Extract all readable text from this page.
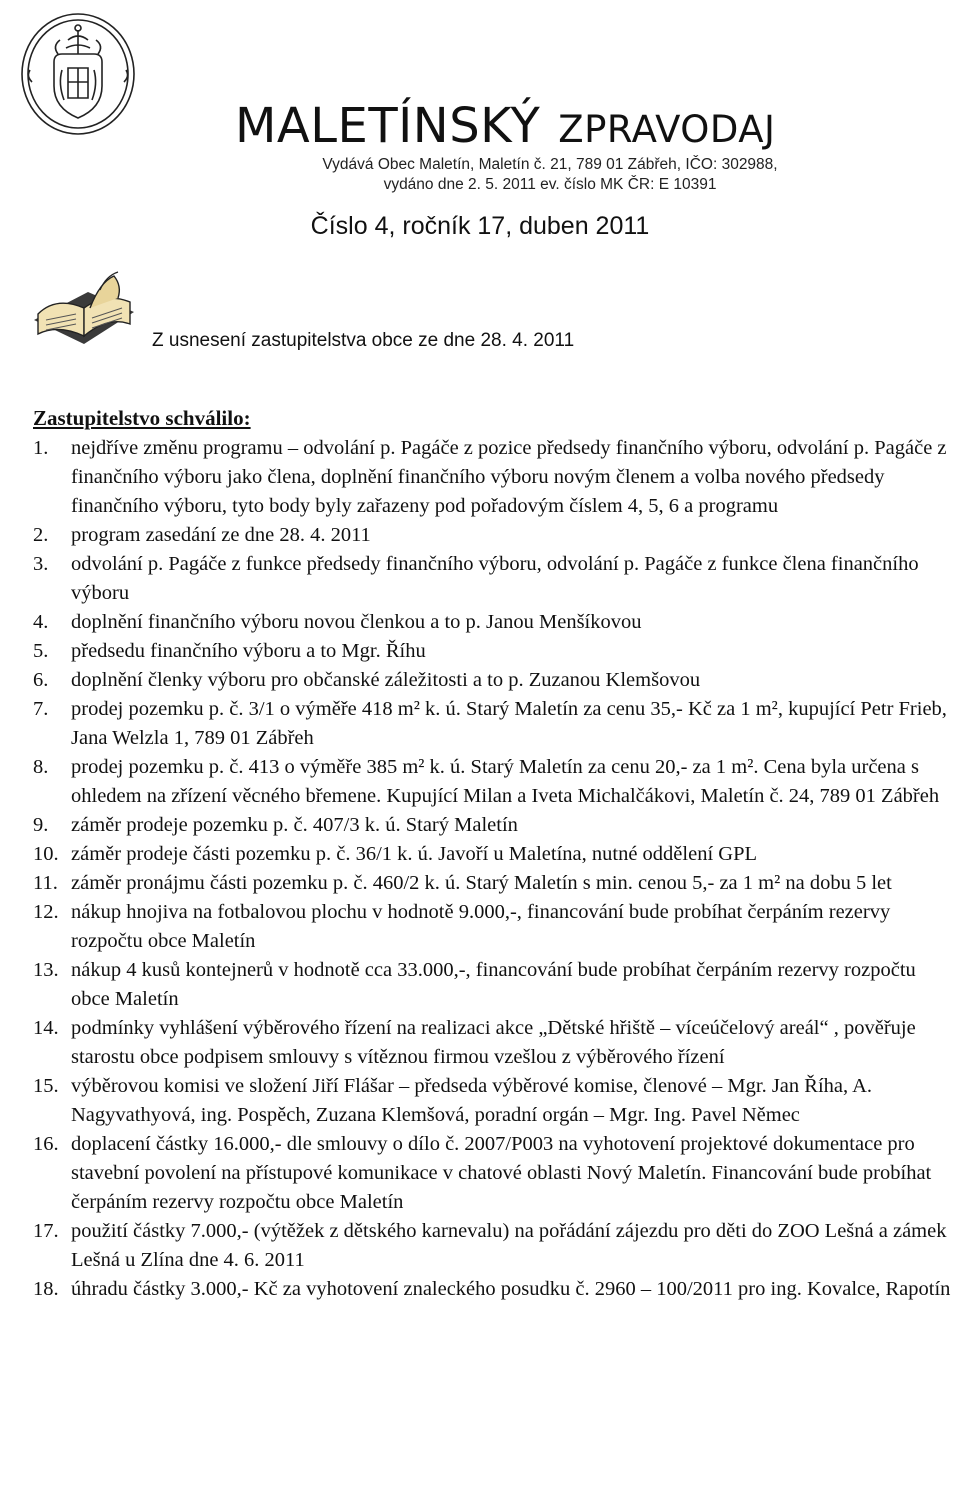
MALETÍNSKÝ ZPRAVODAJ
Vydává Obec Maletín, Maletín č. 21, 789 01 Zábřeh, IČO: 302988,
vydáno dne 2. 5. 2011 ev. číslo MK ČR: E 10391
Číslo 4, ročník 17, duben 2011
Z usnesení zastupitelstva obce ze dne 28. 4. 2011
Zastupitelstvo schválilo:
1. nejdříve změnu programu – odvolání p. Pagáče z pozice předsedy finančního výboru, odvolání p. Pagáče z finančního výboru jako člena, doplnění finančního výboru novým členem a volba nového předsedy finančního výboru, tyto body byly zařazeny pod pořadovým číslem 4, 5, 6 a programu
2. program zasedání ze dne 28. 4. 2011
3. odvolání p. Pagáče z funkce předsedy finančního výboru, odvolání p. Pagáče z funkce člena finančního výboru
4. doplnění finančního výboru novou členkou a to p. Janou Menšíkovou
5. předsedu finančního výboru a to Mgr. Říhu
6. doplnění členky výboru pro občanské záležitosti a to p. Zuzanou Klemšovou
7. prodej pozemku p. č. 3/1 o výměře 418 m² k. ú. Starý Maletín za cenu 35,- Kč za 1 m², kupující Petr Frieb, Jana Welzla 1, 789 01 Zábřeh
8. prodej pozemku p. č. 413 o výměře 385 m² k. ú. Starý Maletín za cenu 20,- za 1 m². Cena byla určena s ohledem na zřízení věcného břemene. Kupující Milan a Iveta Michalčákovi, Maletín č. 24, 789 01 Zábřeh
9. záměr prodeje pozemku p. č. 407/3 k. ú. Starý Maletín
10. záměr prodeje části pozemku p. č. 36/1 k. ú. Javoří u Maletína, nutné oddělení GPL
11. záměr pronájmu části pozemku p. č. 460/2 k. ú. Starý Maletín s min. cenou 5,- za 1 m² na dobu 5 let
12. nákup hnojiva na fotbalovou plochu v hodnotě 9.000,-, financování bude probíhat čerpáním rezervy rozpočtu obce Maletín
13. nákup 4 kusů kontejnerů v hodnotě cca 33.000,-, financování bude probíhat čerpáním rezervy rozpočtu obce Maletín
14. podmínky vyhlášení výběrového řízení na realizaci akce „Dětské hřiště – víceúčelový areál“ , pověřuje starostu obce podpisem smlouvy s vítěznou firmou vzešlou z výběrového řízení
15. výběrovou komisi ve složení Jiří Flášar – předseda výběrové komise, členové – Mgr. Jan Říha, A. Nagyvathyová, ing. Pospěch, Zuzana Klemšová, poradní orgán – Mgr. Ing. Pavel Němec
16. doplacení částky 16.000,- dle smlouvy o dílo č. 2007/P003 na vyhotovení projektové dokumentace pro stavební povolení na přístupové komunikace v chatové oblasti Nový Maletín. Financování bude probíhat čerpáním rezervy rozpočtu obce Maletín
17. použití částky 7.000,- (výtěžek z dětského karnevalu) na pořádání zájezdu pro děti do ZOO Lešná a zámek Lešná u Zlína dne 4. 6. 2011
18. úhradu částky 3.000,- Kč za vyhotovení znaleckého posudku č. 2960 – 100/2011 pro ing. Kovalce, Rapotín
